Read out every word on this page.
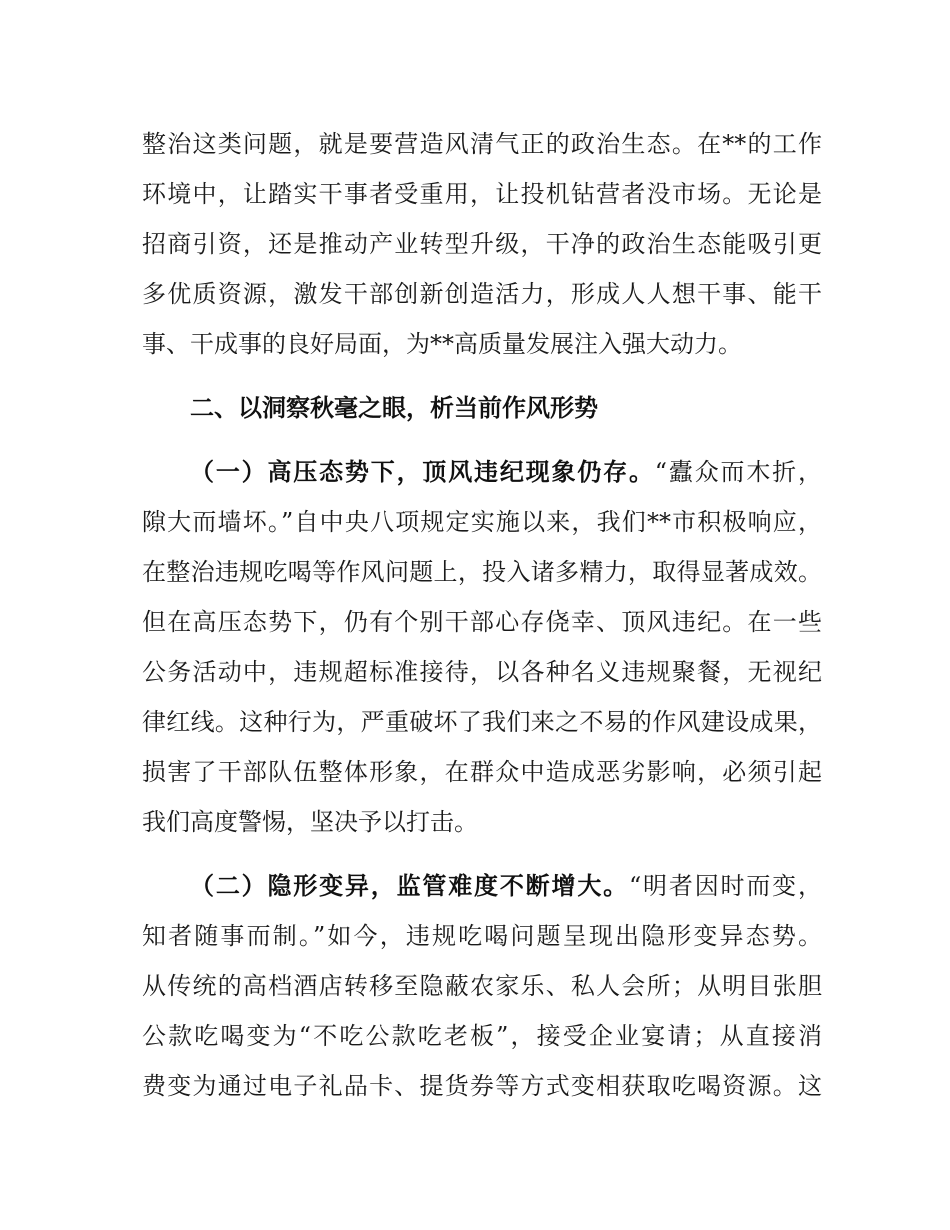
整治这类问题，就是要营造风清气正的政治生态。在**的工作
环境中，让踏实干事者受重用，让投机钻营者没市场。无论是
招商引资，还是推动产业转型升级，干净的政治生态能吸引更
多优质资源，激发干部创新创造活力，形成人人想干事、能干
事、干成事的良好局面，为**高质量发展注入强大动力。
二、以洞察秋毫之眼，析当前作风形势
（一）高压态势下，顶风违纪现象仍存。“蠹众而木折，
隙大而墙坏。”自中央八项规定实施以来，我们**市积极响应，
在整治违规吃喝等作风问题上，投入诸多精力，取得显著成效。
但在高压态势下，仍有个别干部心存侥幸、顶风违纪。在一些
公务活动中，违规超标准接待，以各种名义违规聚餐，无视纪
律红线。这种行为，严重破坏了我们来之不易的作风建设成果，
损害了干部队伍整体形象，在群众中造成恶劣影响，必须引起
我们高度警惕，坚决予以打击。
（二）隐形变异，监管难度不断增大。“明者因时而变，
知者随事而制。”如今，违规吃喝问题呈现出隐形变异态势。
从传统的高档酒店转移至隐蔽农家乐、私人会所；从明目张胆
公款吃喝变为“不吃公款吃老板”，接受企业宴请；从直接消
费变为通过电子礼品卡、提货券等方式变相获取吃喝资源。这
